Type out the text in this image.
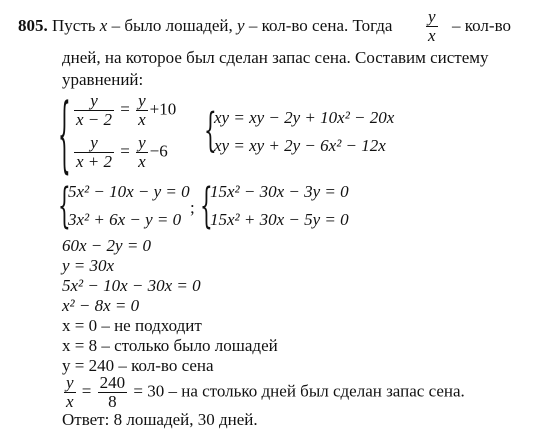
805. Пусть x – было лошадей, y – кол-во сена. Тогда $\frac{y}{x} - кол-во$
дней, на которое был сделан запас сена. Составим систему
уравнений:
{ $\frac{y}{x - 2} = \frac{y}{x} +10$
$\frac{y}{x + 2} = \frac{y}{x} -6$ {
xy = xy − 2y + 10x² − 20x
xy = xy + 2y − 6x² − 12x
{
5x² − 10x − y = 0
3x² + 6x − y = 0
; {
15x² − 30x − 3y = 0
15x² + 30x − 5y = 0
60x − 2y = 0
y = 30x
5x² − 10x − 30x = 0
x² − 8x = 0
x = 0 – не подходит
x = 8 – столько было лошадей
y = 240 – кол-во сена
$\frac{y}{x} = \frac{240}{8} = 30$ – на столько дней был сделан запас сена.
Ответ: 8 лошадей, 30 дней.
